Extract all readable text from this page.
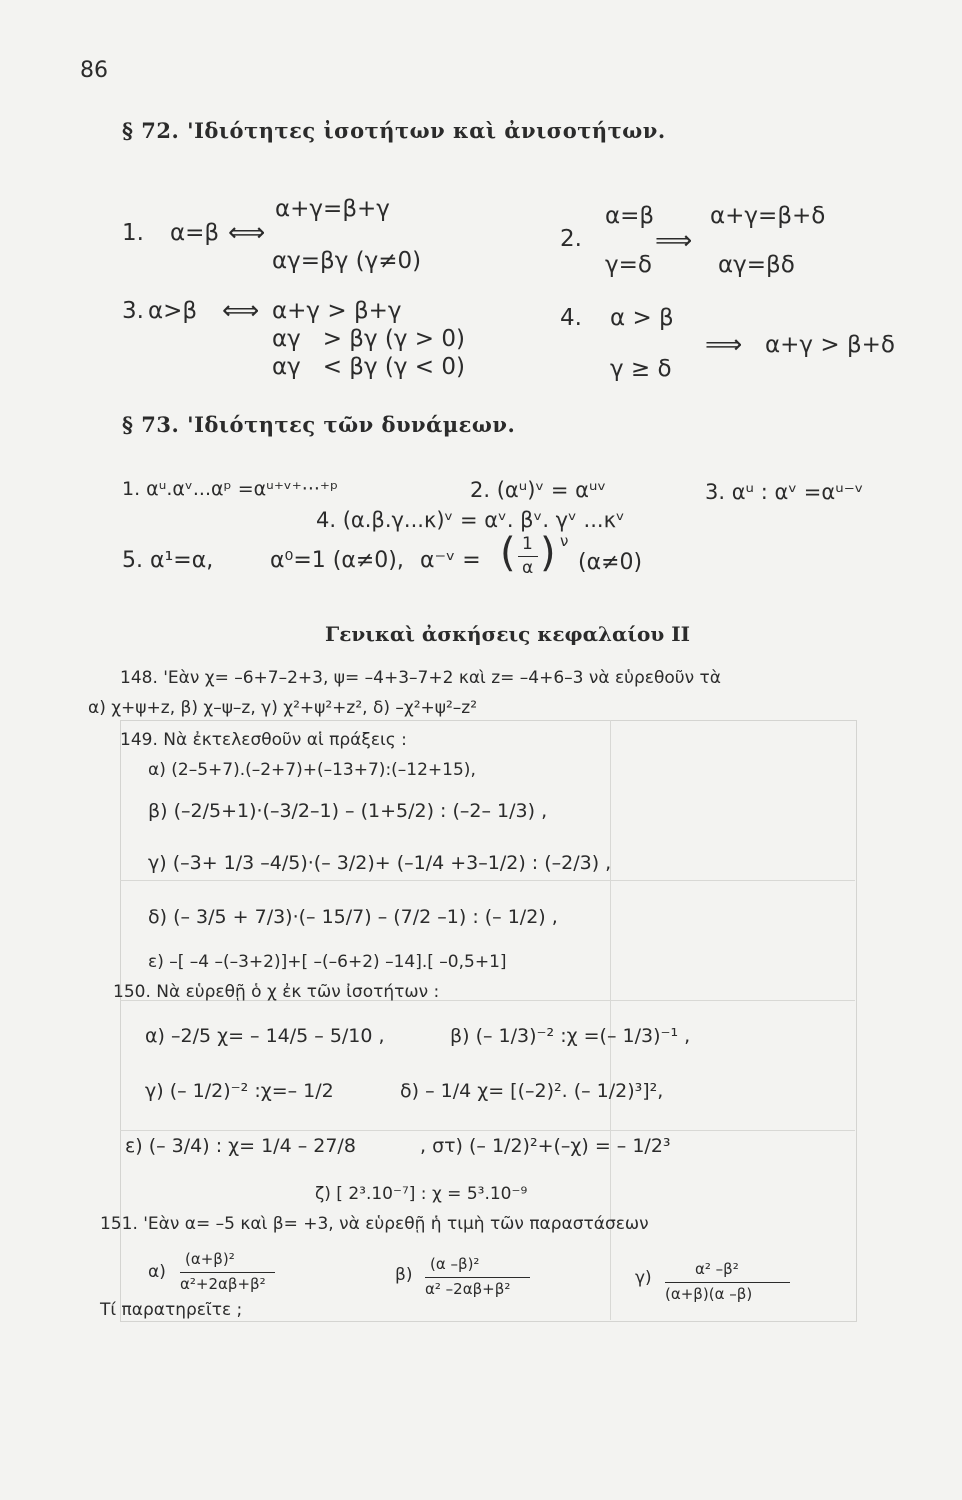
86
§ 72. 'Ιδιότητες ἰσοτήτων καὶ ἀνισοτήτων.
1. α=β ⟺
α+γ=β+γ
αγ=βγ (γ≠0)
2.
α=β
γ=δ
⟹
α+γ=β+δ
αγ=βδ
3. α>β ⟺ α+γ > β+γ
αγ   > βγ (γ > 0)
αγ   < βγ (γ < 0)
4. α > β
γ ≥ δ
⟹ α+γ > β+δ
§ 73. 'Ιδιότητες τῶν δυνάμεων.
1. αᵘ.αᵛ...αᵖ =αᵘ⁺ᵛ⁺···⁺ᵖ	2. (αᵘ)ᵛ = αᵘᵛ	3. αᵘ : αᵛ =αᵘ⁻ᵛ
4. (α.β.γ...κ)ᵛ = αᵛ. βᵛ. γᵛ ...κᵛ
5. α¹=α,	α⁰=1 (α≠0), α⁻ᵛ = ( 1
α ) ν
(α≠0)
Γενικαὶ ἀσκήσεις κεφαλαίου ΙΙ
148. 'Εὰν χ= –6+7–2+3, ψ= –4+3–7+2 καὶ z= –4+6–3 νὰ εὑρεθοῦν τὰ
α) χ+ψ+z, β) χ–ψ–z, γ) χ²+ψ²+z², δ) –χ²+ψ²–z²
149. Νὰ ἐκτελεσθοῦν αἱ πράξεις :
α) (2–5+7).(–2+7)+(–13+7):(–12+15),
β) (–2/5+1)·(–3/2–1) – (1+5/2) : (–2– 1/3) ,
γ) (–3+ 1/3 –4/5)·(– 3/2)+ (–1/4 +3–1/2) : (–2/3) ,
δ) (– 3/5 + 7/3)·(– 15/7) – (7/2 –1) : (– 1/2) ,
ε) –[ –4 –(–3+2)]+[ –(–6+2) –14].[ –0,5+1]
150. Νὰ εὑρεθῇ ὁ χ ἐκ τῶν ἰσοτήτων :
α) –2/5 χ= – 14/5 – 5/10 ,	β) (– 1/3)⁻² :χ =(– 1/3)⁻¹ ,
γ) (– 1/2)⁻² :χ=– 1/2	δ) – 1/4 χ= [(–2)². (– 1/2)³]²,
ε) (– 3/4) : χ= 1/4 – 27/8	, στ) (– 1/2)²+(–χ) = – 1/2³
ζ) [ 2³.10⁻⁷] : χ = 5³.10⁻⁹
151. 'Εὰν α= –5 καὶ β= +3, νὰ εὑρεθῇ ἡ τιμὴ τῶν παραστάσεων
α)
(α+β)²
α²+2αβ+β²	β)
(α –β)²
α² –2αβ+β²
γ)	α² –β²
(α+β)(α –β)
Τί παρατηρεῖτε ;
